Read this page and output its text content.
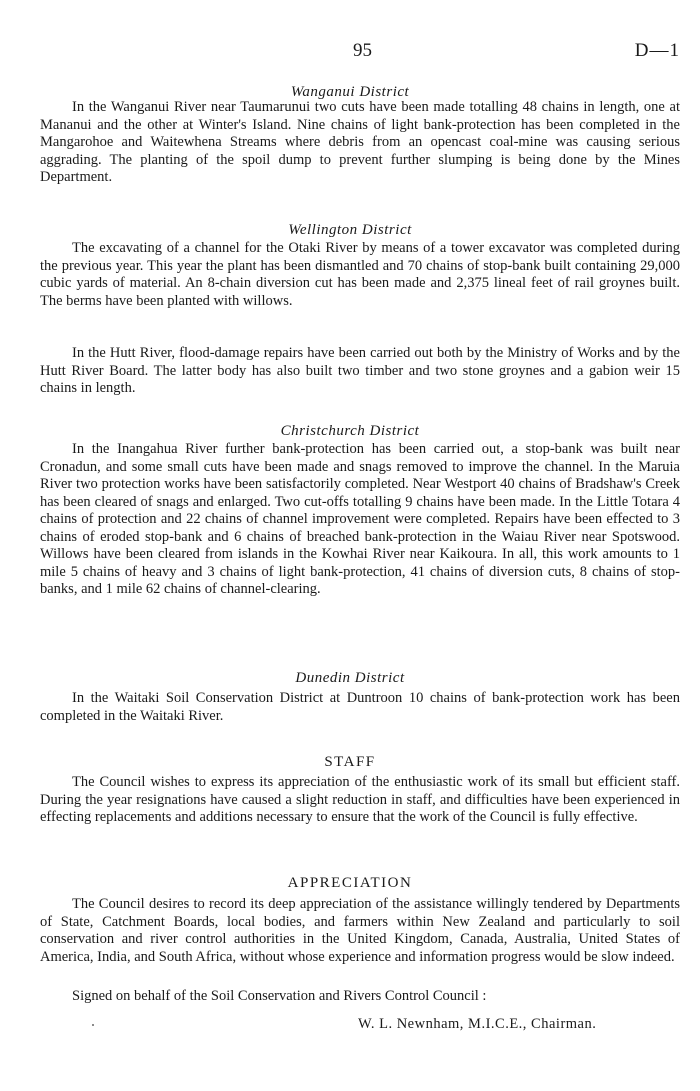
95	D—1
Wanganui District

In the Wanganui River near Taumarunui two cuts have been made totalling 48 chains in length, one at Mananui and the other at Winter's Island. Nine chains of light bank-protection has been completed in the Mangarohoe and Waitewhena Streams where debris from an opencast coal-mine was causing serious aggrading. The planting of the spoil dump to prevent further slumping is being done by the Mines Department.

Wellington District

The excavating of a channel for the Otaki River by means of a tower excavator was completed during the previous year. This year the plant has been dismantled and 70 chains of stop-bank built containing 29,000 cubic yards of material. An 8-chain diversion cut has been made and 2,375 lineal feet of rail groynes built. The berms have been planted with willows.

In the Hutt River, flood-damage repairs have been carried out both by the Ministry of Works and by the Hutt River Board. The latter body has also built two timber and two stone groynes and a gabion weir 15 chains in length.

Christchurch District

In the Inangahua River further bank-protection has been carried out, a stop-bank was built near Cronadun, and some small cuts have been made and snags removed to improve the channel. In the Maruia River two protection works have been satisfactorily completed. Near Westport 40 chains of Bradshaw's Creek has been cleared of snags and enlarged. Two cut-offs totalling 9 chains have been made. In the Little Totara 4 chains of protection and 22 chains of channel improvement were completed. Repairs have been effected to 3 chains of eroded stop-bank and 6 chains of breached bank-protection in the Waiau River near Spotswood. Willows have been cleared from islands in the Kowhai River near Kaikoura. In all, this work amounts to 1 mile 5 chains of heavy and 3 chains of light bank-protection, 41 chains of diversion cuts, 8 chains of stop-banks, and 1 mile 62 chains of channel-clearing.

Dunedin District

In the Waitaki Soil Conservation District at Duntroon 10 chains of bank-protection work has been completed in the Waitaki River.

STAFF

The Council wishes to express its appreciation of the enthusiastic work of its small but efficient staff. During the year resignations have caused a slight reduction in staff, and difficulties have been experienced in effecting replacements and additions necessary to ensure that the work of the Council is fully effective.

APPRECIATION

The Council desires to record its deep appreciation of the assistance willingly tendered by Departments of State, Catchment Boards, local bodies, and farmers within New Zealand and particularly to soil conservation and river control authorities in the United Kingdom, Canada, Australia, United States of America, India, and South Africa, without whose experience and information progress would be slow indeed.

Signed on behalf of the Soil Conservation and Rivers Control Council :
W. L. Newnham, M.I.C.E., Chairman.
